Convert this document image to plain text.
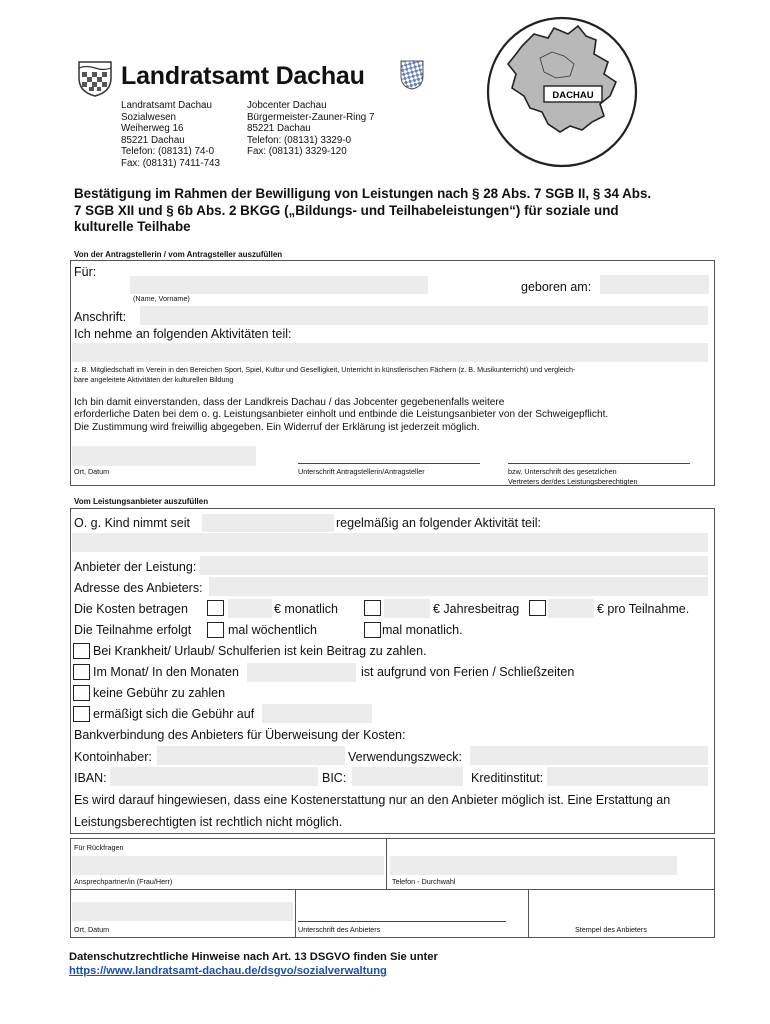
Landratsamt Dachau
Landratsamt Dachau
Sozialwesen
Weiherweg 16
85221 Dachau
Telefon: (08131) 74-0
Fax: (08131) 7411-743
Jobcenter Dachau
Bürgermeister-Zauner-Ring 7
85221 Dachau
Telefon: (08131) 3329-0
Fax: (08131) 3329-120
DACHAU
Bestätigung im Rahmen der Bewilligung von Leistungen nach § 28 Abs. 7 SGB II, § 34 Abs.
7 SGB XII und § 6b Abs. 2 BKGG („Bildungs- und Teilhabeleistungen“) für soziale und
kulturelle Teilhabe
Von der Antragstellerin / vom Antragsteller auszufüllen
Für:
(Name, Vorname)
geboren am:
Anschrift:
Ich nehme an folgenden Aktivitäten teil:
z. B. Mitgliedschaft im Verein in den Bereichen Sport, Spiel, Kultur und Geselligkeit, Unterricht in künstlerischen Fächern (z. B. Musikunterricht) und vergleich-
bare angeleitete Aktivitäten der kulturellen Bildung
Ich bin damit einverstanden, dass der Landkreis Dachau / das Jobcenter gegebenenfalls weitere
erforderliche Daten bei dem o. g. Leistungsanbieter einholt und entbinde die Leistungsanbieter von der Schweigepflicht.
Die Zustimmung wird freiwillig abgegeben. Ein Widerruf der Erklärung ist jederzeit möglich.
Ort, Datum	Unterschrift Antragstellerin/Antragsteller	bzw. Unterschrift des gesetzlichen
Vertreters der/des Leistungsberechtigten
Vom Leistungsanbieter auszufüllen
O. g. Kind nimmt seit	regelmäßig an folgender Aktivität teil:
Anbieter der Leistung:
Adresse des Anbieters:
Die Kosten betragen	€ monatlich	€ Jahresbeitrag	€ pro Teilnahme.
Die Teilnahme erfolgt	mal wöchentlich	mal monatlich.
Bei Krankheit/ Urlaub/ Schulferien ist kein Beitrag zu zahlen.
Im Monat/ In den Monaten	ist aufgrund von Ferien / Schließzeiten
keine Gebühr zu zahlen
ermäßigt sich die Gebühr auf
Bankverbindung des Anbieters für Überweisung der Kosten:
Kontoinhaber:	Verwendungszweck:
IBAN:	BIC:	Kreditinstitut:
Es wird darauf hingewiesen, dass eine Kostenerstattung nur an den Anbieter möglich ist. Eine Erstattung an
Leistungsberechtigten ist rechtlich nicht möglich.
Für Rückfragen
Ansprechpartner/in (Frau/Herr)	Telefon - Durchwahl
Ort, Datum	Unterschrift des Anbieters	Stempel des Anbieters
Datenschutzrechtliche Hinweise nach Art. 13 DSGVO finden Sie unter
https://www.landratsamt-dachau.de/dsgvo/sozialverwaltung
